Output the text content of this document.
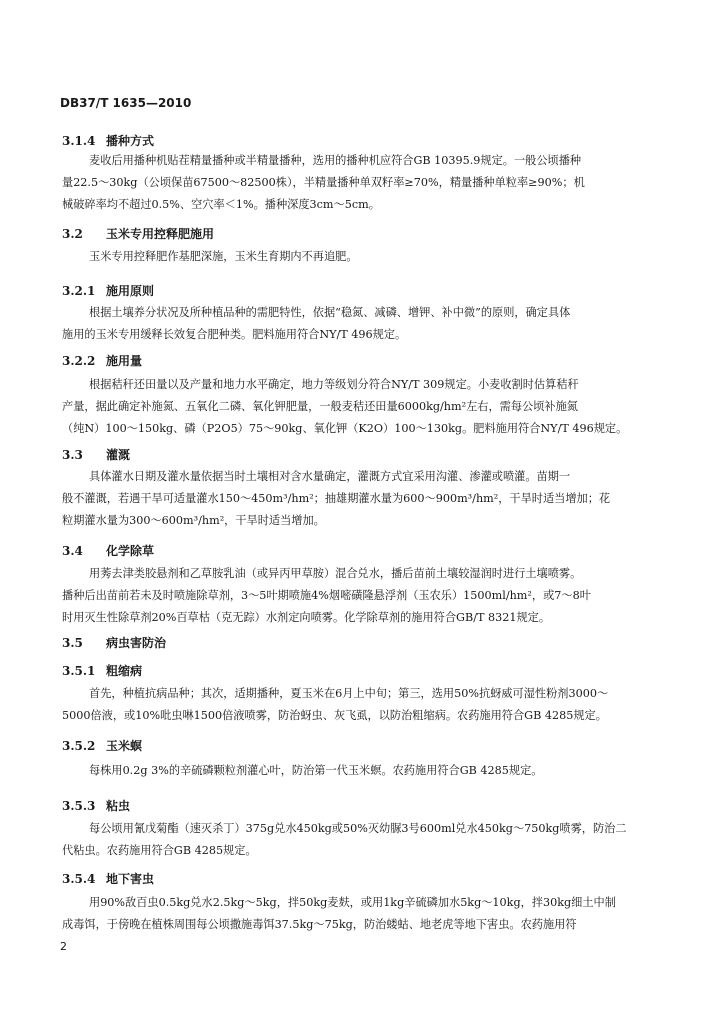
DB37/T 1635—2010
3.1.4 播种方式
麦收后用播种机贴茬精量播种或半精量播种，选用的播种机应符合GB 10395.9规定。一般公顷播种
量22.5～30kg（公顷保苗67500～82500株），半精量播种单双籽率≥70%，精量播种单粒率≥90%；机
械破碎率均不超过0.5%、空穴率＜1%。播种深度3cm～5cm。
3.2 玉米专用控释肥施用
玉米专用控释肥作基肥深施，玉米生育期内不再追肥。
3.2.1 施用原则
根据土壤养分状况及所种植品种的需肥特性，依据“稳氮、减磷、增钾、补中微”的原则，确定具体
施用的玉米专用缓释长效复合肥种类。肥料施用符合NY/T 496规定。
3.2.2 施用量
根据秸秆还田量以及产量和地力水平确定，地力等级划分符合NY/T 309规定。小麦收割时估算秸秆
产量，据此确定补施氮、五氧化二磷、氧化钾肥量，一般麦秸还田量6000kg/hm²左右，需每公顷补施氮
（纯N）100～150kg、磷（P2O5）75～90kg、氧化钾（K2O）100～130kg。肥料施用符合NY/T 496规定。
3.3 灌溉
具体灌水日期及灌水量依据当时土壤相对含水量确定，灌溉方式宜采用沟灌、渗灌或喷灌。苗期一
般不灌溉，若遇干旱可适量灌水150～450m³/hm²；抽雄期灌水量为600～900m³/hm²，干旱时适当增加；花
粒期灌水量为300～600m³/hm²，干旱时适当增加。
3.4 化学除草
用莠去津类胶悬剂和乙草胺乳油（或异丙甲草胺）混合兑水，播后苗前土壤较湿润时进行土壤喷雾。
播种后出苗前若未及时喷施除草剂，3～5叶期喷施4%烟嘧磺隆悬浮剂（玉农乐）1500ml/hm²，或7～8叶
时用灭生性除草剂20%百草枯（克无踪）水剂定向喷雾。化学除草剂的施用符合GB/T 8321规定。
3.5 病虫害防治
3.5.1 粗缩病
首先，种植抗病品种；其次，适期播种，夏玉米在6月上中旬；第三，选用50%抗蚜威可湿性粉剂3000～
5000倍液，或10%吡虫啉1500倍液喷雾，防治蚜虫、灰飞虱，以防治粗缩病。农药施用符合GB 4285规定。
3.5.2 玉米螟
每株用0.2g 3%的辛硫磷颗粒剂灌心叶，防治第一代玉米螟。农药施用符合GB 4285规定。
3.5.3 粘虫
每公顷用氰戊菊酯（速灭杀丁）375g兑水450kg或50%灭幼脲3号600ml兑水450kg～750kg喷雾，防治二
代粘虫。农药施用符合GB 4285规定。
3.5.4 地下害虫
用90%敌百虫0.5kg兑水2.5kg～5kg，拌50kg麦麸，或用1kg辛硫磷加水5kg～10kg，拌30kg细土中制
成毒饵，于傍晚在植株周围每公顷撒施毒饵37.5kg～75kg，防治蝼蛄、地老虎等地下害虫。农药施用符
2
